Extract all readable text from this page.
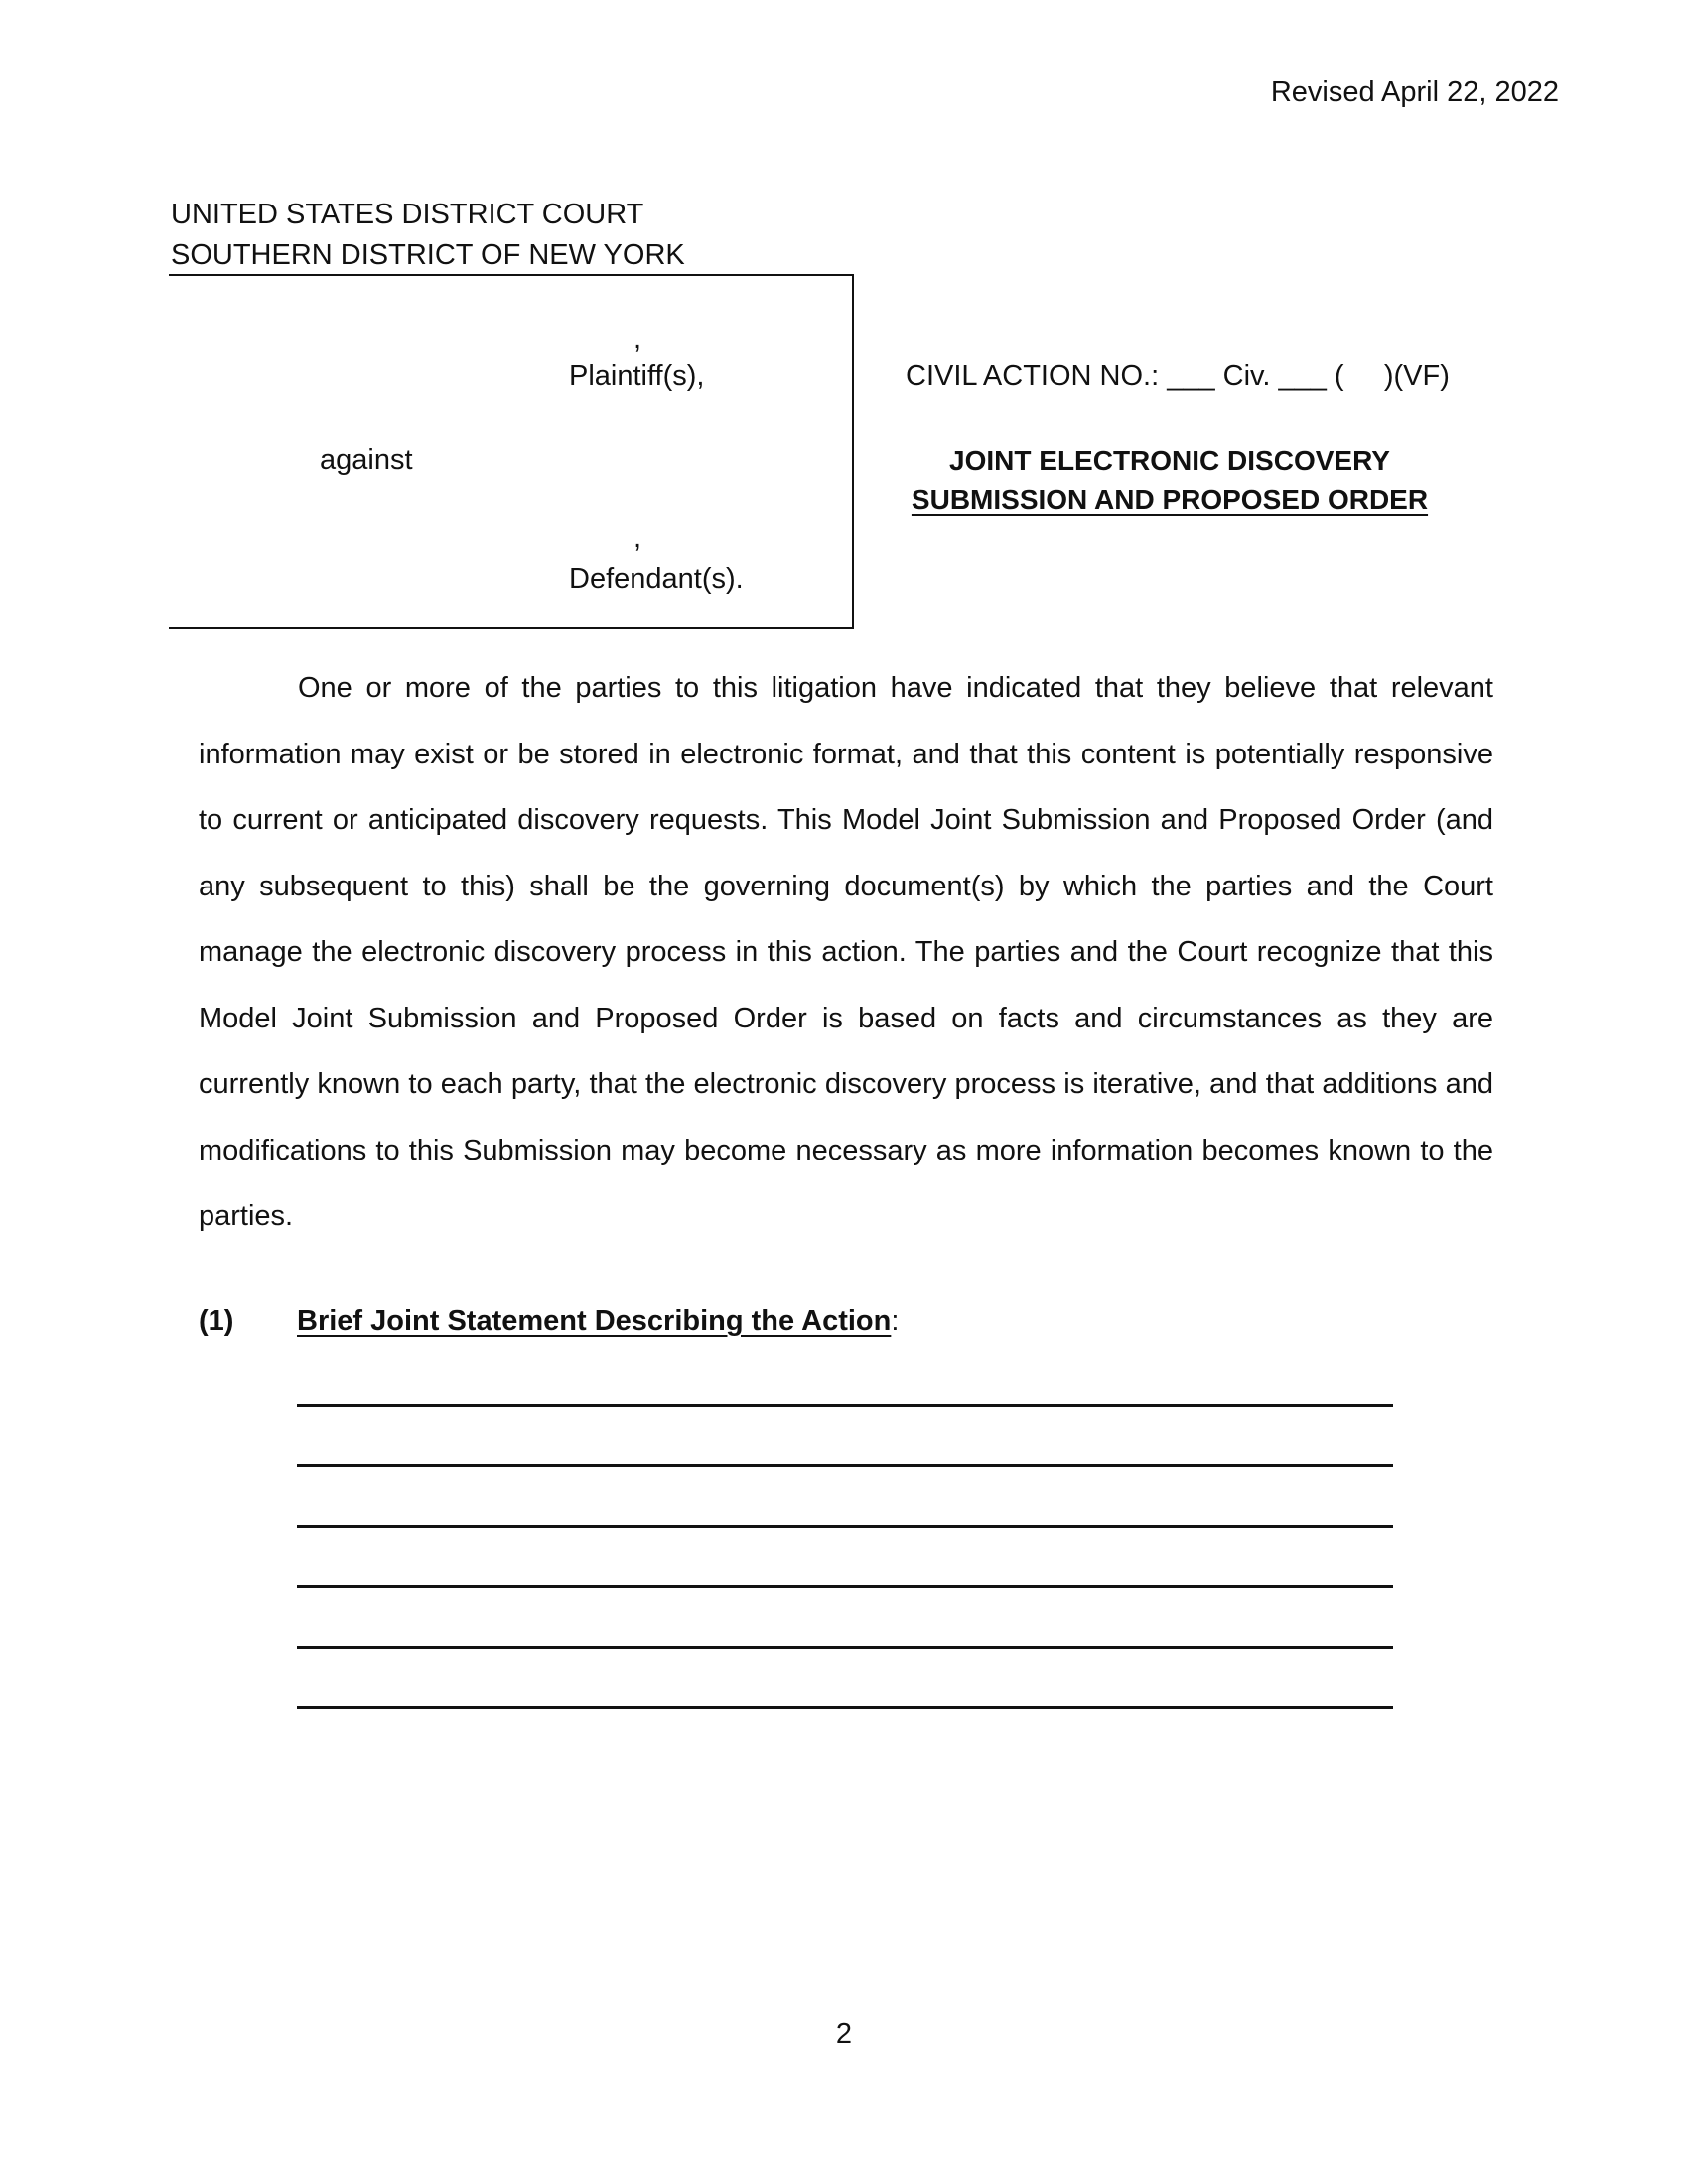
Revised April 22, 2022
UNITED STATES DISTRICT COURT
SOUTHERN DISTRICT OF NEW YORK
,
Plaintiff(s),
against
,
Defendant(s).
CIVIL ACTION NO.: ___ Civ. ___ (     )(VF)
JOINT ELECTRONIC DISCOVERY
SUBMISSION AND PROPOSED ORDER

One or more of the parties to this litigation have indicated that they believe that relevant information may exist or be stored in electronic format, and that this content is potentially responsive to current or anticipated discovery requests. This Model Joint Submission and Proposed Order (and any subsequent to this) shall be the governing document(s) by which the parties and the Court manage the electronic discovery process in this action. The parties and the Court recognize that this Model Joint Submission and Proposed Order is based on facts and circumstances as they are currently known to each party, that the electronic discovery process is iterative, and that additions and modifications to this Submission may become necessary as more information becomes known to the parties.

(1) Brief Joint Statement Describing the Action:
2
